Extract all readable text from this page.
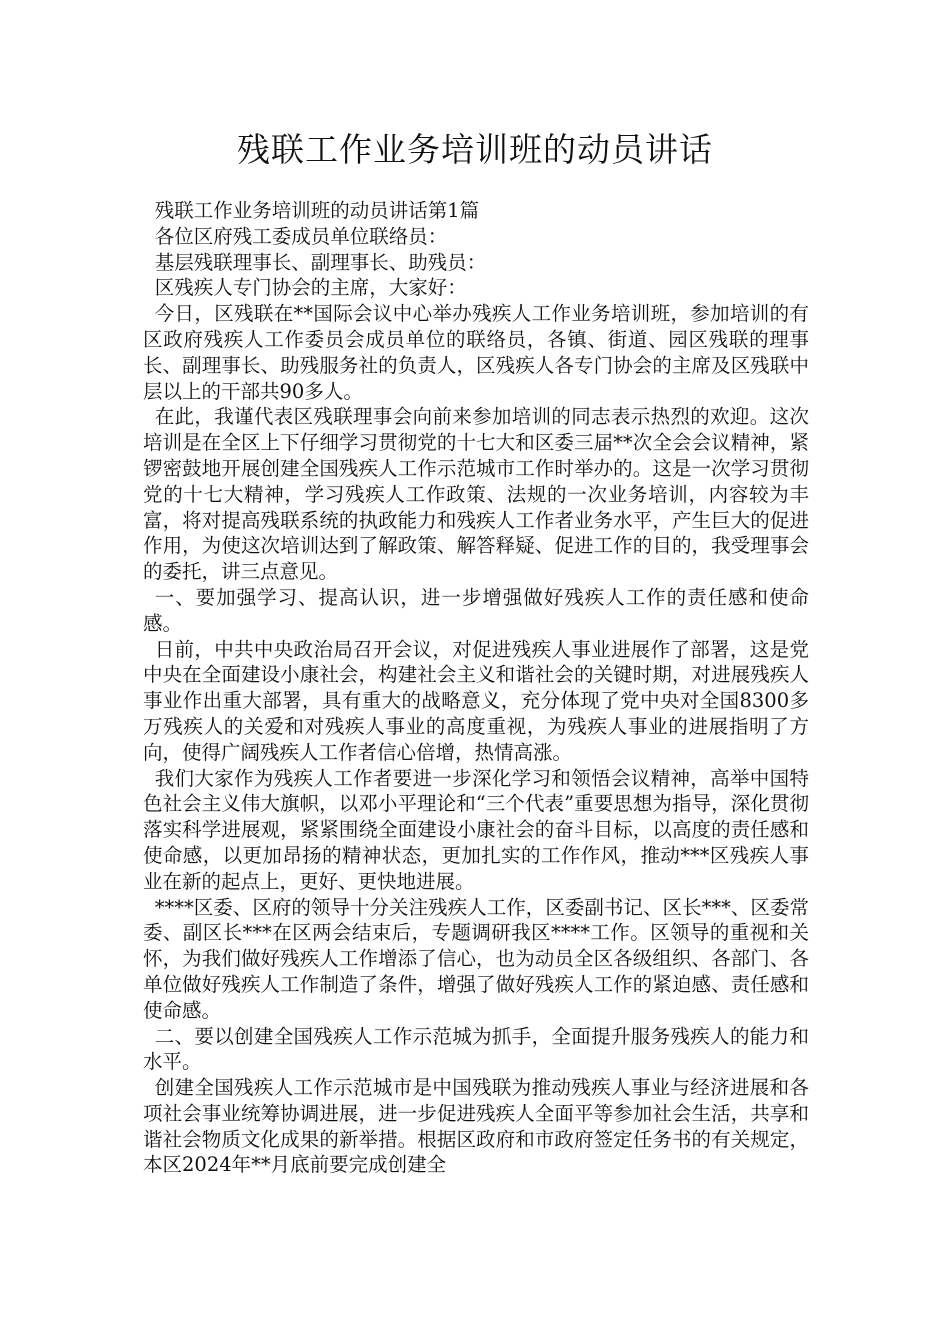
残联工作业务培训班的动员讲话

残联工作业务培训班的动员讲话第1篇

各位区府残工委成员单位联络员：

基层残联理事长、副理事长、助残员：

区残疾人专门协会的主席，大家好：

今日，区残联在**国际会议中心举办残疾人工作业务培训班，参加培训的有区政府残疾人工作委员会成员单位的联络员，各镇、街道、园区残联的理事长、副理事长、助残服务社的负责人，区残疾人各专门协会的主席及区残联中层以上的干部共90多人。

在此，我谨代表区残联理事会向前来参加培训的同志表示热烈的欢迎。这次培训是在全区上下仔细学习贯彻党的十七大和区委三届**次全会会议精神，紧锣密鼓地开展创建全国残疾人工作示范城市工作时举办的。这是一次学习贯彻党的十七大精神，学习残疾人工作政策、法规的一次业务培训，内容较为丰富，将对提高残联系统的执政能力和残疾人工作者业务水平，产生巨大的促进作用，为使这次培训达到了解政策、解答释疑、促进工作的目的，我受理事会的委托，讲三点意见。

一、要加强学习、提高认识，进一步增强做好残疾人工作的责任感和使命感。

日前，中共中央政治局召开会议，对促进残疾人事业进展作了部署，这是党中央在全面建设小康社会，构建社会主义和谐社会的关键时期，对进展残疾人事业作出重大部署，具有重大的战略意义，充分体现了党中央对全国8300多万残疾人的关爱和对残疾人事业的高度重视，为残疾人事业的进展指明了方向，使得广阔残疾人工作者信心倍增，热情高涨。

我们大家作为残疾人工作者要进一步深化学习和领悟会议精神，高举中国特色社会主义伟大旗帜，以邓小平理论和“三个代表”重要思想为指导，深化贯彻落实科学进展观，紧紧围绕全面建设小康社会的奋斗目标，以高度的责任感和使命感，以更加昂扬的精神状态，更加扎实的工作作风，推动***区残疾人事业在新的起点上，更好、更快地进展。

****区委、区府的领导十分关注残疾人工作，区委副书记、区长***、区委常委、副区长***在区两会结束后，专题调研我区****工作。区领导的重视和关怀，为我们做好残疾人工作增添了信心，也为动员全区各级组织、各部门、各单位做好残疾人工作制造了条件，增强了做好残疾人工作的紧迫感、责任感和使命感。

二、要以创建全国残疾人工作示范城为抓手，全面提升服务残疾人的能力和水平。

创建全国残疾人工作示范城市是中国残联为推动残疾人事业与经济进展和各项社会事业统筹协调进展，进一步促进残疾人全面平等参加社会生活，共享和谐社会物质文化成果的新举措。根据区政府和市政府签定任务书的有关规定，本区2024年**月底前要完成创建全
